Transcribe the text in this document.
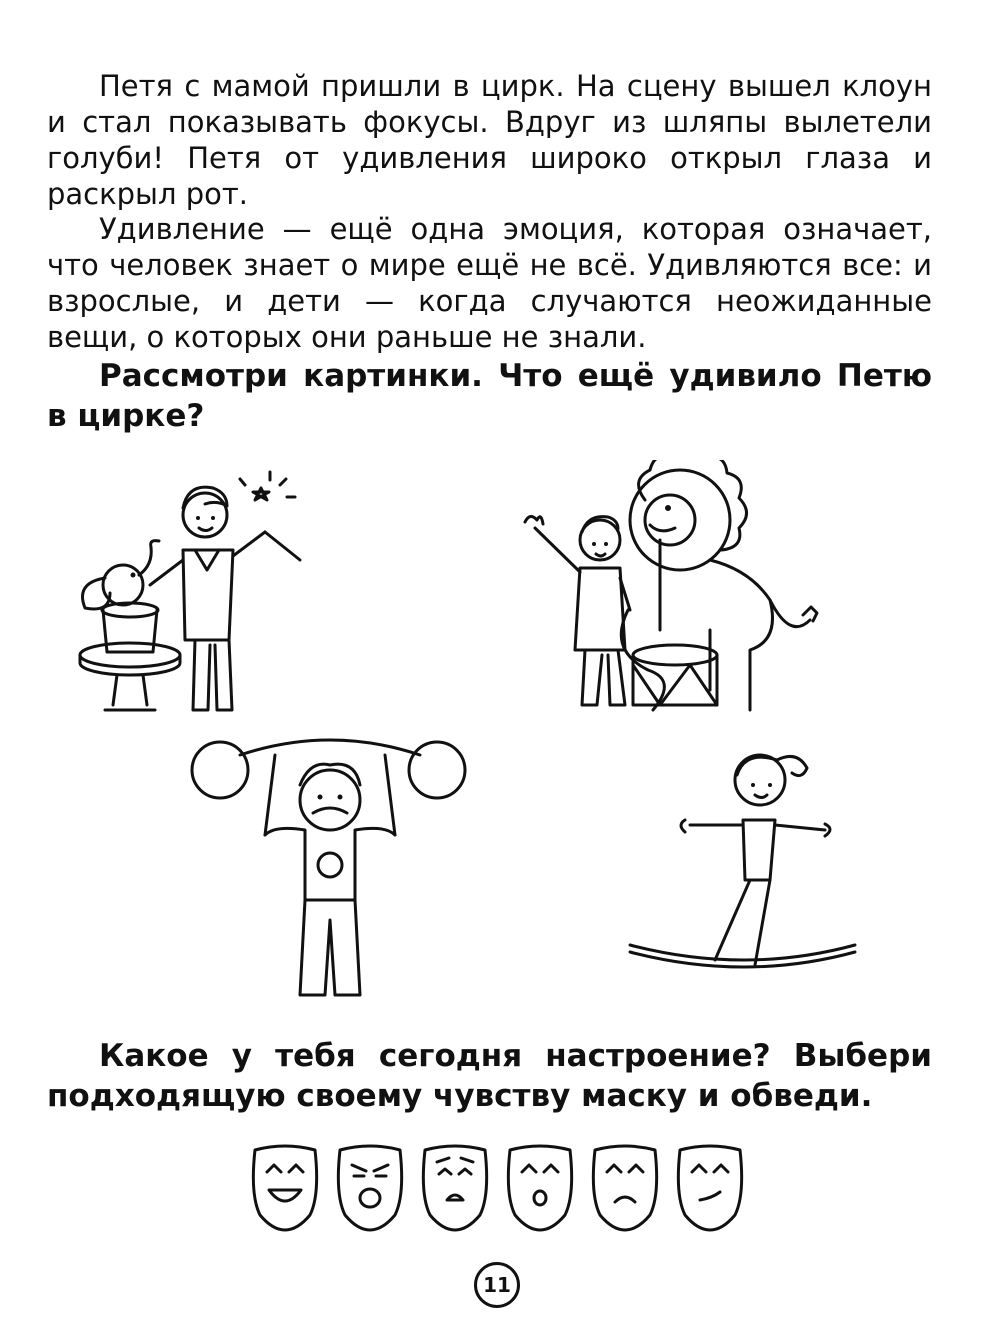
Петя с мамой пришли в цирк. На сцену вышел клоун и стал показывать фокусы. Вдруг из шляпы вылетели голуби! Петя от удивления широко открыл глаза и раскрыл рот.

Удивление — ещё одна эмоция, которая означает, что человек знает о мире ещё не всё. Удивляются все: и взрослые, и дети — когда случаются неожиданные вещи, о которых они раньше не знали.

Рассмотри картинки. Что ещё удивило Петю в цирке?

Какое у тебя сегодня настроение? Выбери подходящую своему чувству маску и обведи.

11
